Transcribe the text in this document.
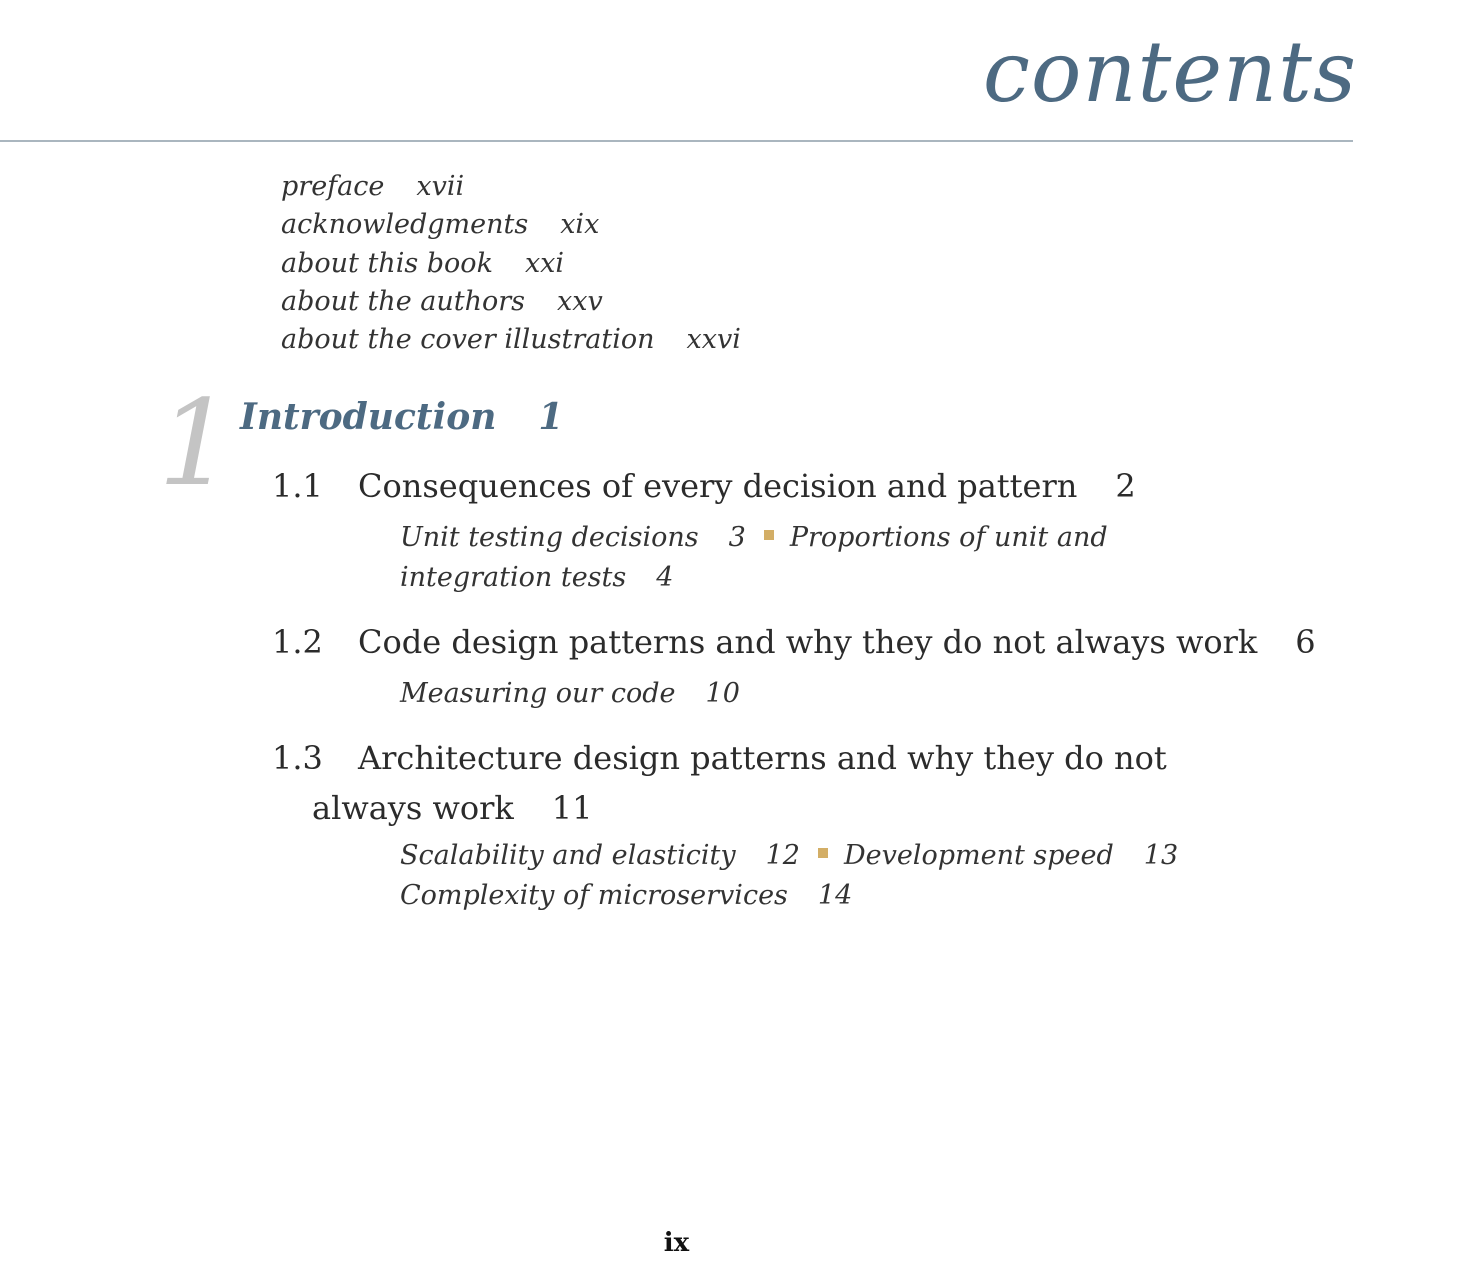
contents
preface xvii
acknowledgments xix
about this book xxi
about the authors xxv
about the cover illustration xxvi
1 Introduction 1
1.1 Consequences of every decision and pattern 2
Unit testing decisions 3 Proportions of unit and
integration tests 4
1.2 Code design patterns and why they do not always work 6
Measuring our code 10
1.3 Architecture design patterns and why they do not
always work 11
Scalability and elasticity 12 Development speed 13
Complexity of microservices 14
ix
